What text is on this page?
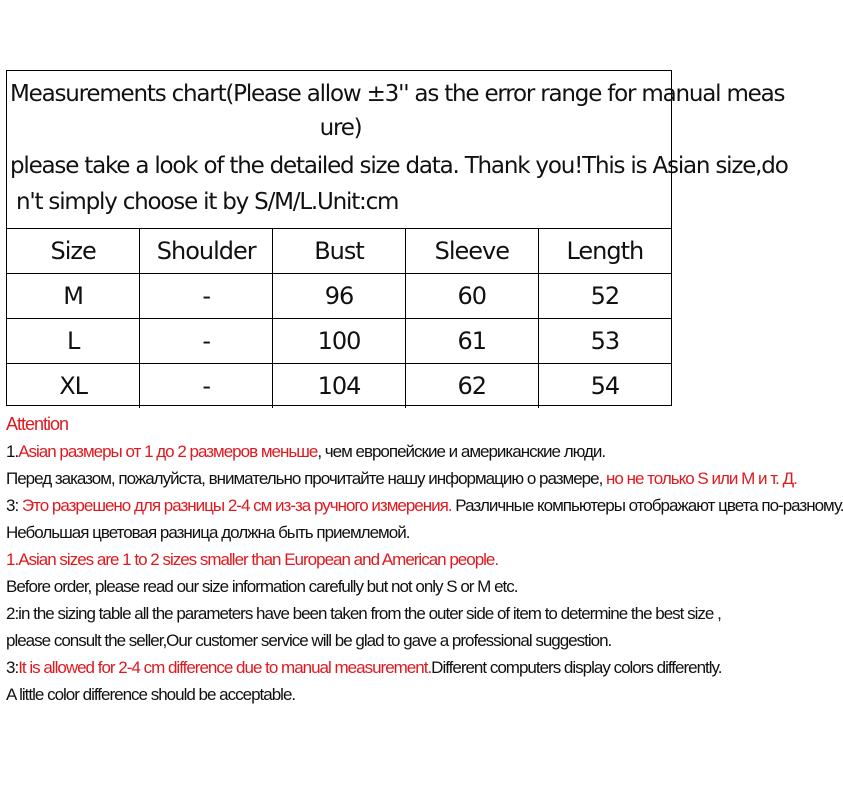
Measurements chart(Please allow ±3'' as the error range for manual meas
ure)
please take a look of the detailed size data. Thank you!This is Asian size,do
n't simply choose it by S/M/L.Unit:cm
Size	Shoulder	Bust	Sleeve	Length
M	-	96	60	52
L	-	100	61	53
XL	-	104	62	54
Attention
1.Asian размеры от 1 до 2 размеров меньше, чем европейские и американские люди.
Перед заказом, пожалуйста, внимательно прочитайте нашу информацию о размере, но не только S или M и т. Д.
3: Это разрешено для разницы 2-4 см из-за ручного измерения. Различные компьютеры отображают цвета по-разному.
Небольшая цветовая разница должна быть приемлемой.
1.Asian sizes are 1 to 2 sizes smaller than European and American people.
Before order, please read our size information carefully but not only S or M etc.
2:in the sizing table all the parameters have been taken from the outer side of item to determine the best size ,
please consult the seller,Our customer service will be glad to gave a professional suggestion.
3:It is allowed for 2-4 cm difference due to manual measurement.Different computers display colors differently.
A little color difference should be acceptable.
